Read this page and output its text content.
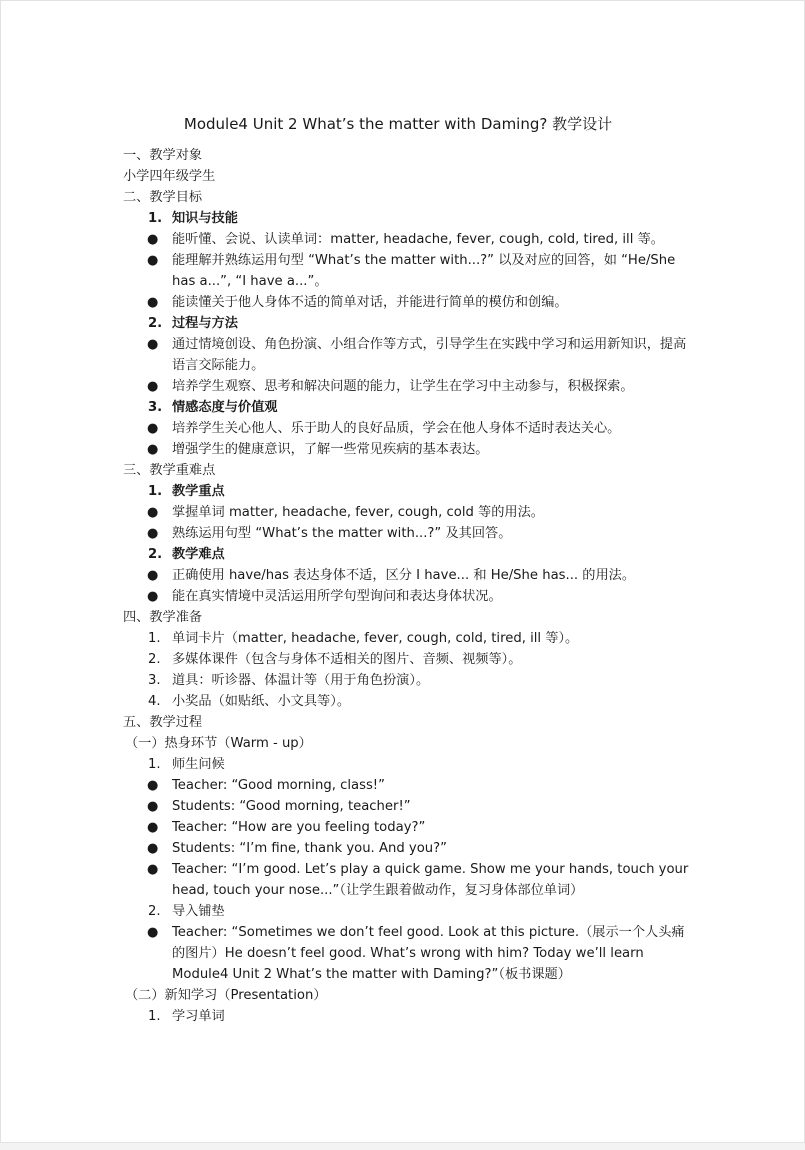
Module4 Unit 2 What’s the matter with Daming? 教学设计
一、教学对象
小学四年级学生
二、教学目标
1. 知识与技能
● 能听懂、会说、认读单词：matter, headache, fever, cough, cold, tired, ill 等。
● 能理解并熟练运用句型 “What’s the matter with...?” 以及对应的回答，如 “He/She has a...”, “I have a...”。
● 能读懂关于他人身体不适的简单对话，并能进行简单的模仿和创编。
2. 过程与方法
● 通过情境创设、角色扮演、小组合作等方式，引导学生在实践中学习和运用新知识，提高语言交际能力。
● 培养学生观察、思考和解决问题的能力，让学生在学习中主动参与，积极探索。
3. 情感态度与价值观
● 培养学生关心他人、乐于助人的良好品质，学会在他人身体不适时表达关心。
● 增强学生的健康意识，了解一些常见疾病的基本表达。
三、教学重难点
1. 教学重点
● 掌握单词 matter, headache, fever, cough, cold 等的用法。
● 熟练运用句型 “What’s the matter with...?” 及其回答。
2. 教学难点
● 正确使用 have/has 表达身体不适，区分 I have... 和 He/She has... 的用法。
● 能在真实情境中灵活运用所学句型询问和表达身体状况。
四、教学准备
1. 单词卡片（matter, headache, fever, cough, cold, tired, ill 等）。
2. 多媒体课件（包含与身体不适相关的图片、音频、视频等）。
3. 道具：听诊器、体温计等（用于角色扮演）。
4. 小奖品（如贴纸、小文具等）。
五、教学过程
（一）热身环节（Warm - up）
1. 师生问候
● Teacher: “Good morning, class!”
● Students: “Good morning, teacher!”
● Teacher: “How are you feeling today?”
● Students: “I’m fine, thank you. And you?”
● Teacher: “I’m good. Let’s play a quick game. Show me your hands, touch your head, touch your nose...”（让学生跟着做动作，复习身体部位单词）
2. 导入铺垫
● Teacher: “Sometimes we don’t feel good. Look at this picture.（展示一个人头痛的图片）He doesn’t feel good. What’s wrong with him? Today we’ll learn Module4 Unit 2 What’s the matter with Daming?”（板书课题）
（二）新知学习（Presentation）
1. 学习单词
